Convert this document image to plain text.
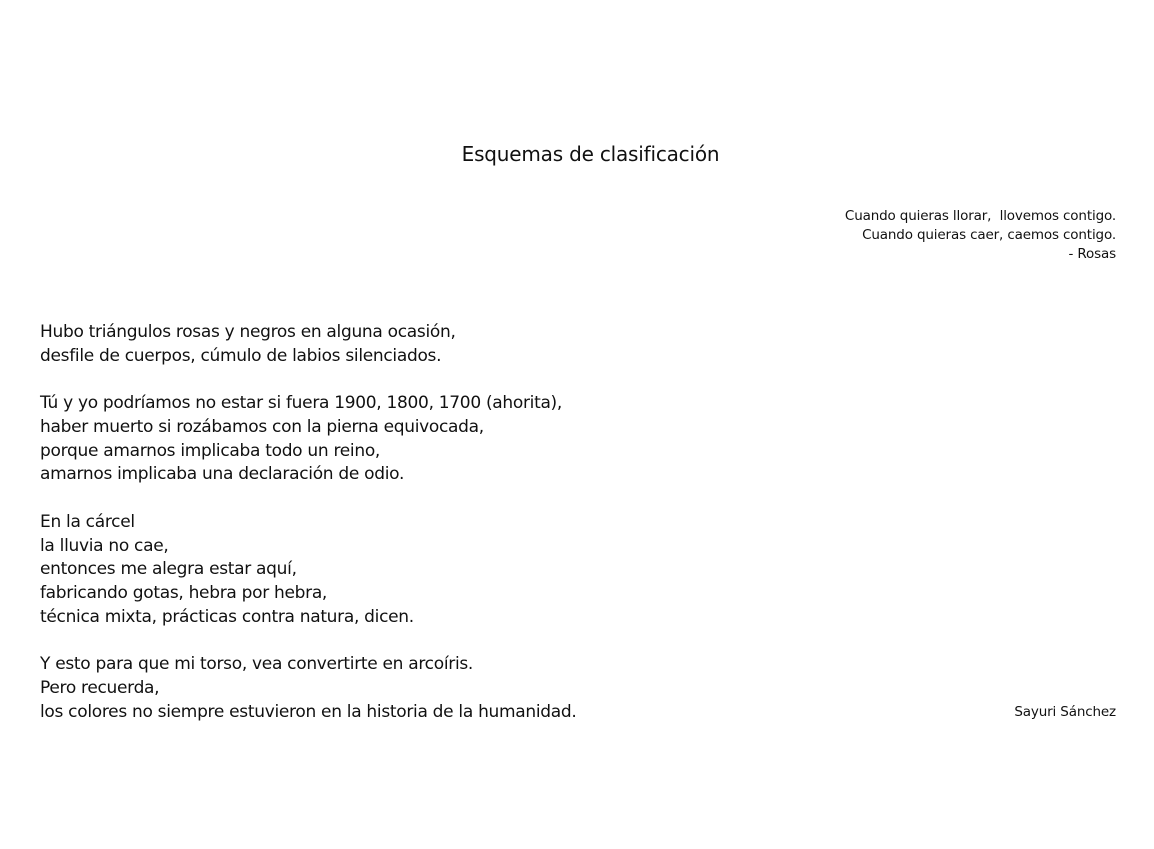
Esquemas de clasificación
Cuando quieras llorar,  llovemos contigo.
Cuando quieras caer, caemos contigo.
- Rosas
Hubo triángulos rosas y negros en alguna ocasión,
desfile de cuerpos, cúmulo de labios silenciados.
Tú y yo podríamos no estar si fuera 1900, 1800, 1700 (ahorita),
haber muerto si rozábamos con la pierna equivocada,
porque amarnos implicaba todo un reino,
amarnos implicaba una declaración de odio.
En la cárcel
la lluvia no cae,
entonces me alegra estar aquí,
fabricando gotas, hebra por hebra,
técnica mixta, prácticas contra natura, dicen.
Y esto para que mi torso, vea convertirte en arcoíris.
Pero recuerda,
los colores no siempre estuvieron en la historia de la humanidad.	Sayuri Sánchez
